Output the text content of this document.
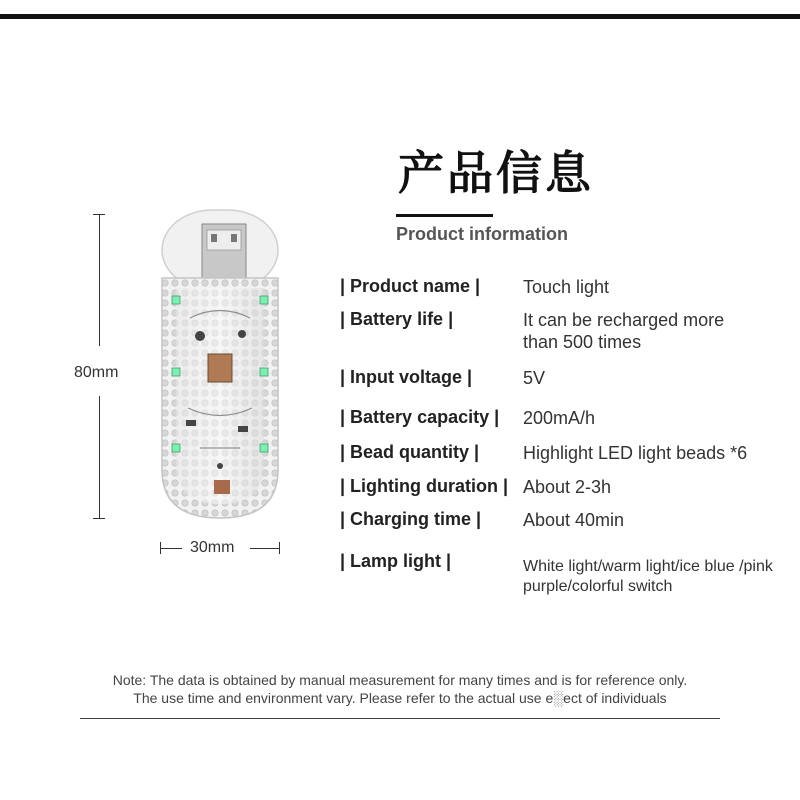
产品信息
Product information
80mm
30mm
| Product name | Touch light
| Battery life |	It can be recharged more than 500 times
| Input voltage |	5V
| Battery capacity | 200mA/h
| Bead quantity | Highlight LED light beads *6
| Lighting duration | About 2-3h
| Charging time | About 40min
| Lamp light |	White light/warm light/ice blue /pink purple/colorful switch
Note: The data is obtained by manual measurement for many times and is for reference only.
The use time and environment vary. Please refer to the actual use e░ect of individuals
